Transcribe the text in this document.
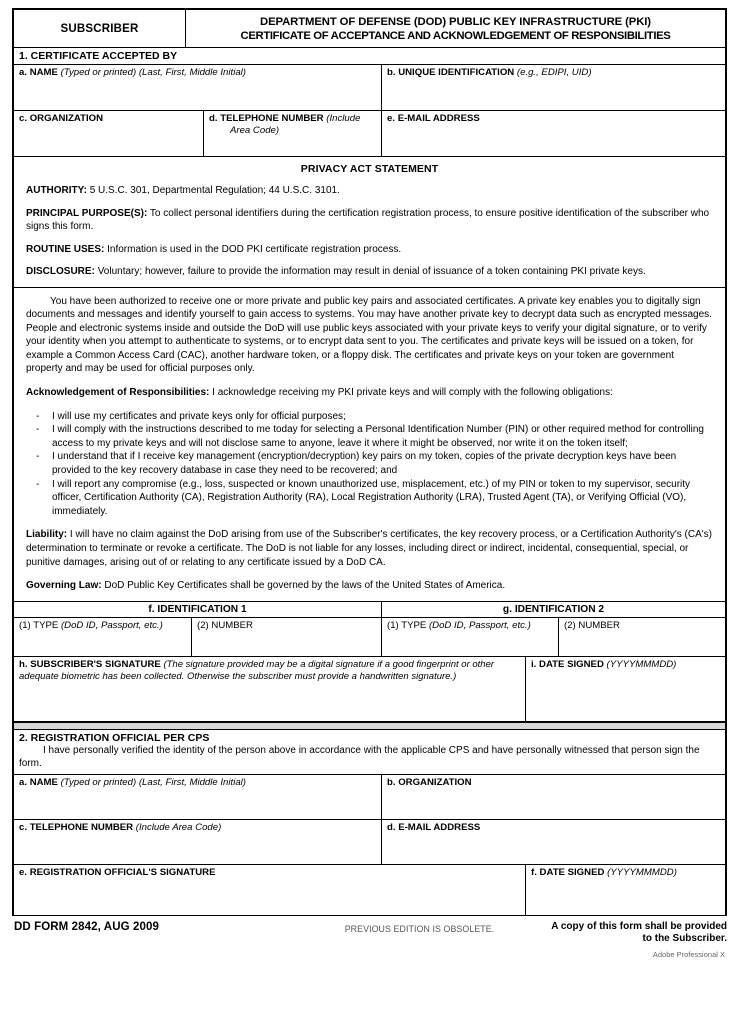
SUBSCRIBER
DEPARTMENT OF DEFENSE (DOD) PUBLIC KEY INFRASTRUCTURE (PKI)
CERTIFICATE OF ACCEPTANCE AND ACKNOWLEDGEMENT OF RESPONSIBILITIES
1. CERTIFICATE ACCEPTED BY
a. NAME (Typed or printed) (Last, First, Middle Initial)	b. UNIQUE IDENTIFICATION (e.g., EDIPI, UID)
c. ORGANIZATION	d. TELEPHONE NUMBER (Include
Area Code)
e. E-MAIL ADDRESS
PRIVACY ACT STATEMENT
AUTHORITY: 5 U.S.C. 301, Departmental Regulation; 44 U.S.C. 3101.
PRINCIPAL PURPOSE(S): To collect personal identifiers during the certification registration process, to ensure positive identification of the subscriber who signs this form.
ROUTINE USES: Information is used in the DOD PKI certificate registration process.
DISCLOSURE: Voluntary; however, failure to provide the information may result in denial of issuance of a token containing PKI private keys.

You have been authorized to receive one or more private and public key pairs and associated certificates. A private key enables you to digitally sign documents and messages and identify yourself to gain access to systems. You may have another private key to decrypt data such as encrypted messages. People and electronic systems inside and outside the DoD will use public keys associated with your private keys to verify your digital signature, or to verify your identity when you attempt to authenticate to systems, or to encrypt data sent to you. The certificates and private keys will be issued on a token, for example a Common Access Card (CAC), another hardware token, or a floppy disk. The certificates and private keys on your token are government property and may be used for official purposes only.

Acknowledgement of Responsibilities: I acknowledge receiving my PKI private keys and will comply with the following obligations:

- I will use my certificates and private keys only for official purposes;
- I will comply with the instructions described to me today for selecting a Personal Identification Number (PIN) or other required method for controlling access to my private keys and will not disclose same to anyone, leave it where it might be observed, nor write it on the token itself;
- I understand that if I receive key management (encryption/decryption) key pairs on my token, copies of the private decryption keys have been provided to the key recovery database in case they need to be recovered; and
- I will report any compromise (e.g., loss, suspected or known unauthorized use, misplacement, etc.) of my PIN or token to my supervisor, security officer, Certification Authority (CA), Registration Authority (RA), Local Registration Authority (LRA), Trusted Agent (TA), or Verifying Official (VO), immediately.

Liability: I will have no claim against the DoD arising from use of the Subscriber's certificates, the key recovery process, or a Certification Authority's (CA's) determination to terminate or revoke a certificate. The DoD is not liable for any losses, including direct or indirect, incidental, consequential, special, or punitive damages, arising out of or relating to any certificate issued by a DoD CA.

Governing Law: DoD Public Key Certificates shall be governed by the laws of the United States of America.

f. IDENTIFICATION 1	g. IDENTIFICATION 2
(1) TYPE (DoD ID, Passport, etc.)	(2) NUMBER	(1) TYPE (DoD ID, Passport, etc.)	(2) NUMBER
h. SUBSCRIBER'S SIGNATURE (The signature provided may be a digital signature if a good fingerprint or other adequate biometric has been collected. Otherwise the subscriber must provide a handwritten signature.)
i. DATE SIGNED (YYYYMMMDD)
2. REGISTRATION OFFICIAL PER CPS
I have personally verified the identity of the person above in accordance with the applicable CPS and have personally witnessed that person sign the form.
a. NAME (Typed or printed) (Last, First, Middle Initial)	b. ORGANIZATION
c. TELEPHONE NUMBER (Include Area Code)	d. E-MAIL ADDRESS
e. REGISTRATION OFFICIAL'S SIGNATURE	f. DATE SIGNED (YYYYMMMDD)
DD FORM 2842, AUG 2009	PREVIOUS EDITION IS OBSOLETE.	A copy of this form shall be provided
to the Subscriber.
Adobe Professional X
